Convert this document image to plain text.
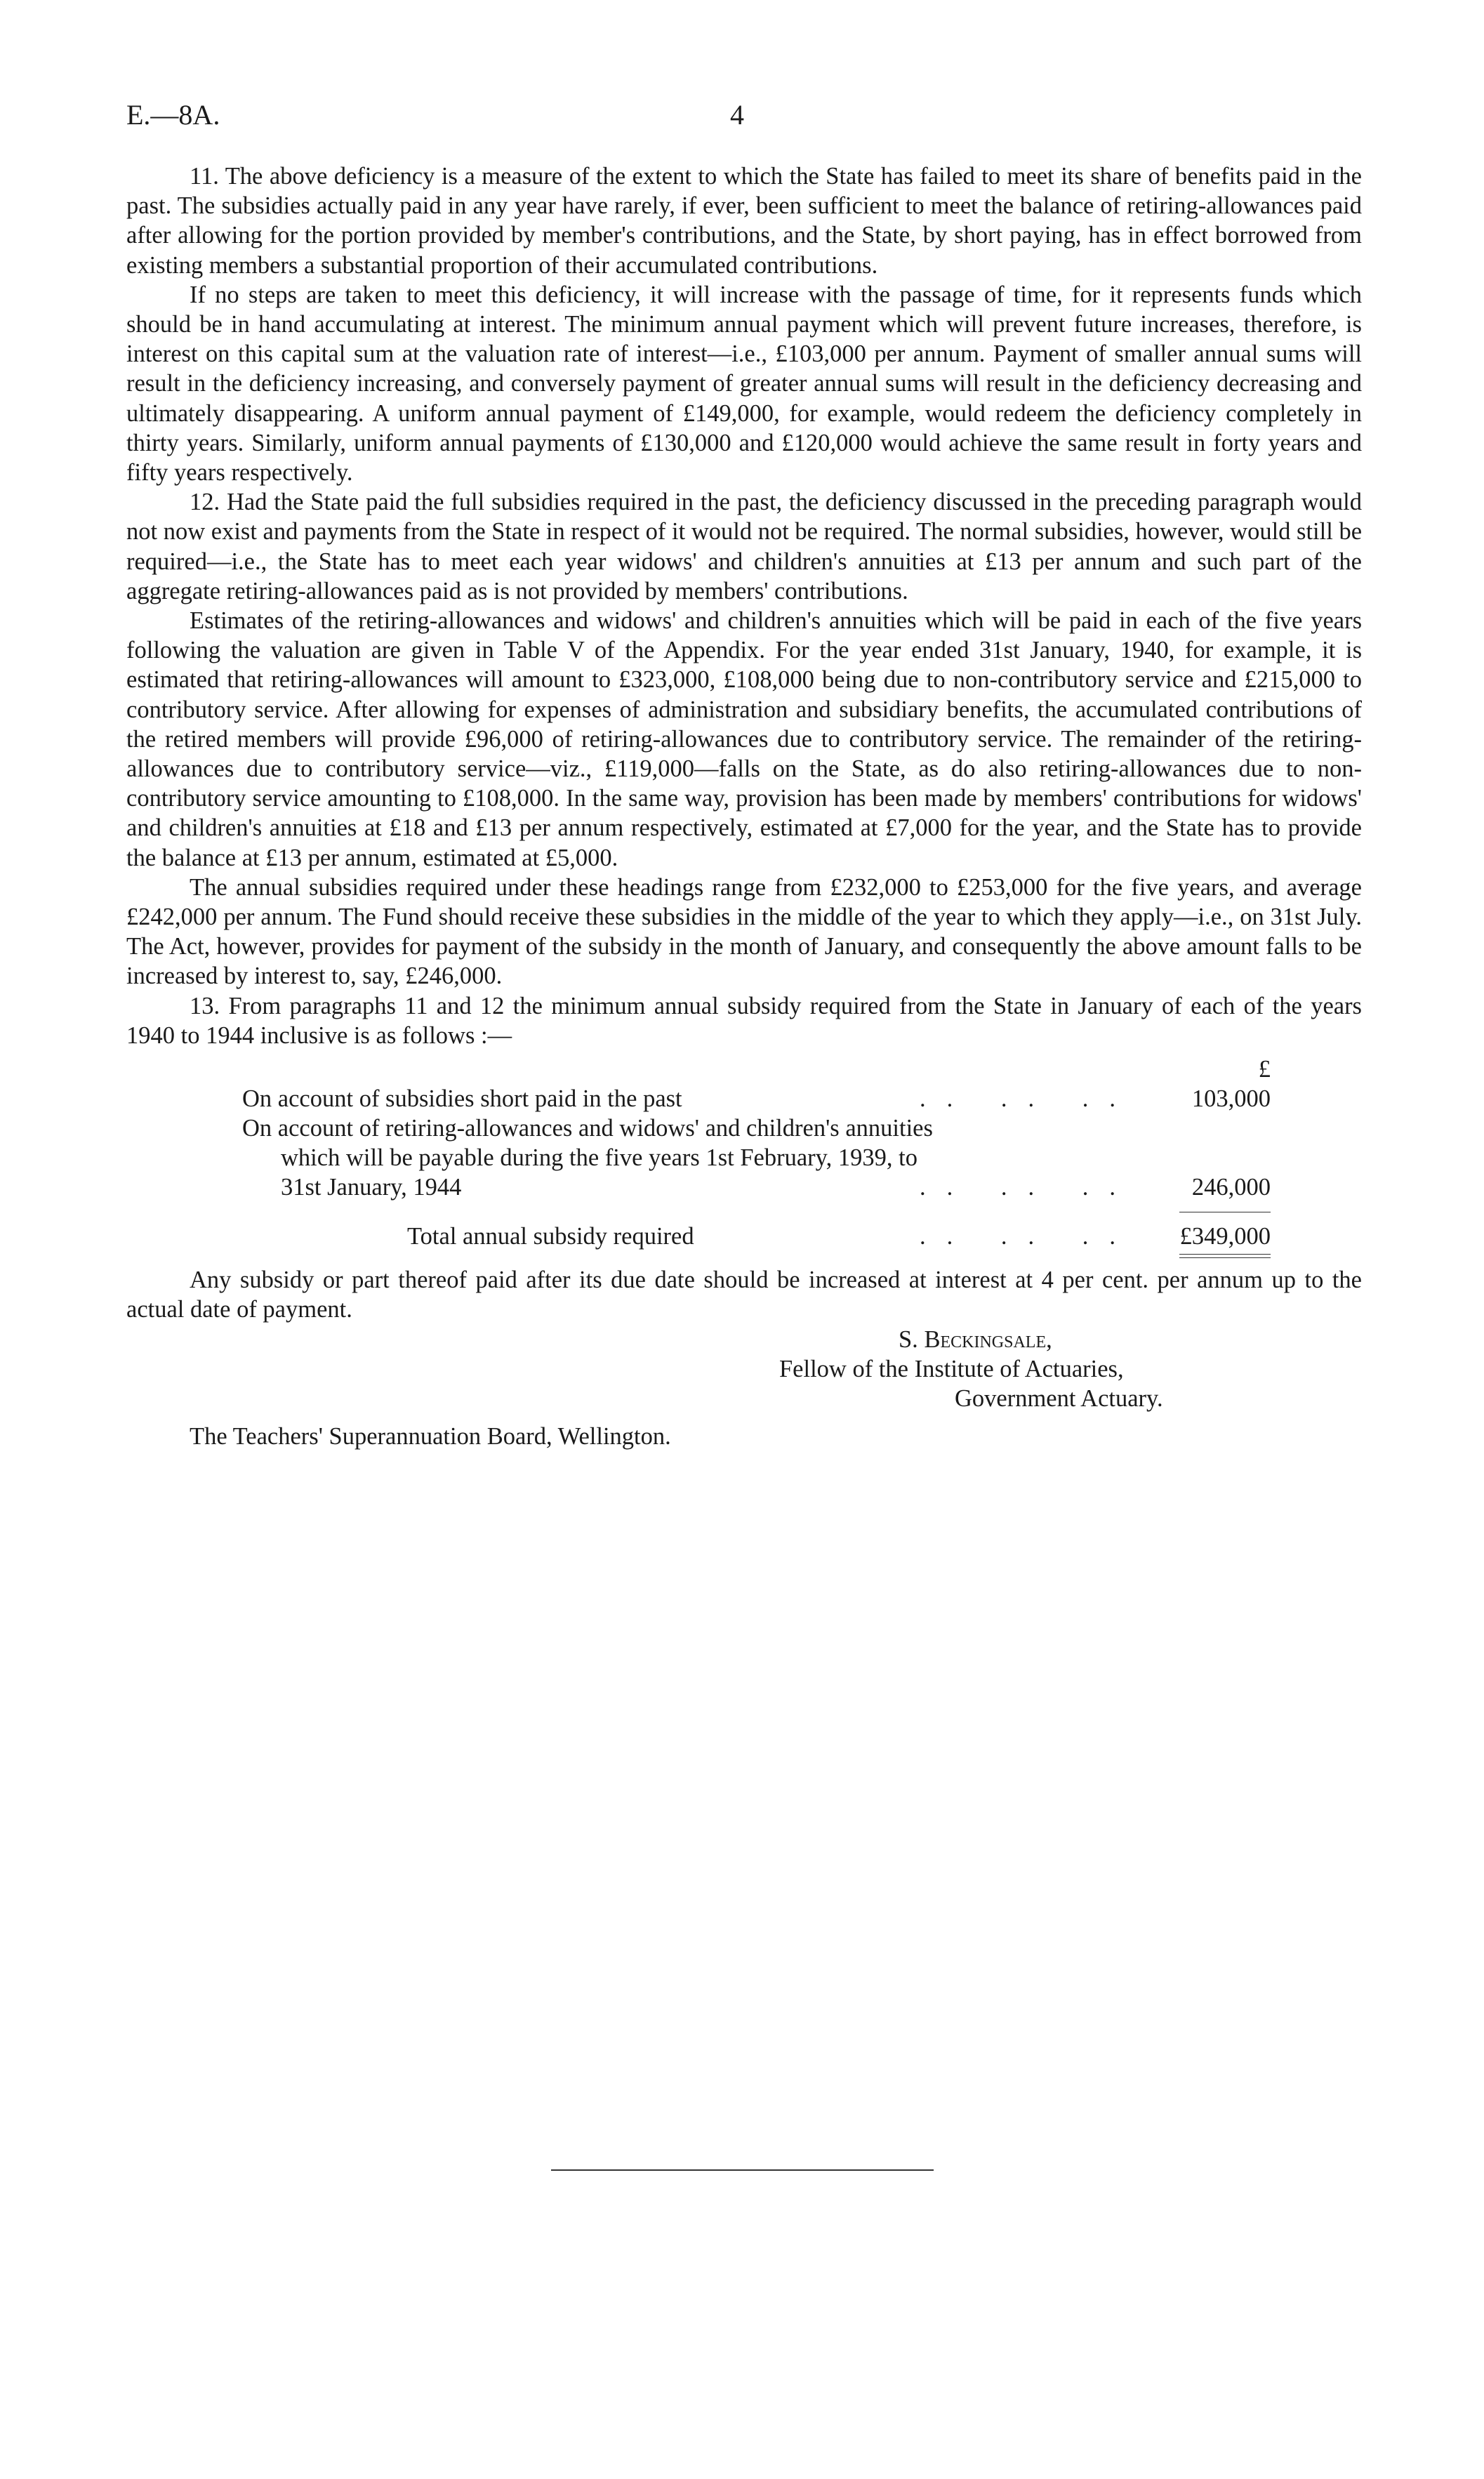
E.—8A.	4

11. The above deficiency is a measure of the extent to which the State has failed to meet its share of benefits paid in the past. The subsidies actually paid in any year have rarely, if ever, been sufficient to meet the balance of retiring-allowances paid after allowing for the portion provided by member's contributions, and the State, by short paying, has in effect borrowed from existing members a substantial proportion of their accumulated contributions.

If no steps are taken to meet this deficiency, it will increase with the passage of time, for it represents funds which should be in hand accumulating at interest. The minimum annual payment which will prevent future increases, therefore, is interest on this capital sum at the valuation rate of interest—i.e., £103,000 per annum. Payment of smaller annual sums will result in the deficiency increasing, and conversely payment of greater annual sums will result in the deficiency decreasing and ultimately disappearing. A uniform annual payment of £149,000, for example, would redeem the deficiency completely in thirty years. Similarly, uniform annual payments of £130,000 and £120,000 would achieve the same result in forty years and fifty years respectively.

12. Had the State paid the full subsidies required in the past, the deficiency discussed in the preceding paragraph would not now exist and payments from the State in respect of it would not be required. The normal subsidies, however, would still be required—i.e., the State has to meet each year widows' and children's annuities at £13 per annum and such part of the aggregate retiring-allowances paid as is not provided by members' contributions.

Estimates of the retiring-allowances and widows' and children's annuities which will be paid in each of the five years following the valuation are given in Table V of the Appendix. For the year ended 31st January, 1940, for example, it is estimated that retiring-allowances will amount to £323,000, £108,000 being due to non-contributory service and £215,000 to contributory service. After allowing for expenses of administration and subsidiary benefits, the accumulated contributions of the retired members will provide £96,000 of retiring-allowances due to contributory service. The remainder of the retiring-allowances due to contributory service—viz., £119,000—falls on the State, as do also retiring-allowances due to non-contributory service amounting to £108,000. In the same way, provision has been made by members' contributions for widows' and children's annuities at £18 and £13 per annum respectively, estimated at £7,000 for the year, and the State has to provide the balance at £13 per annum, estimated at £5,000.

The annual subsidies required under these headings range from £232,000 to £253,000 for the five years, and average £242,000 per annum. The Fund should receive these subsidies in the middle of the year to which they apply—i.e., on 31st July. The Act, however, provides for payment of the subsidy in the month of January, and consequently the above amount falls to be increased by interest to, say, £246,000.

13. From paragraphs 11 and 12 the minimum annual subsidy required from the State in January of each of the years 1940 to 1944 inclusive is as follows :—

£
On account of subsidies short paid in the past	.. .. ..	103,000
On account of retiring-allowances and widows' and children's annuities
which will be payable during the five years 1st February, 1939, to
31st January, 1944	.. .. ..	246,000
Total annual subsidy required	.. .. ..	£349,000

Any subsidy or part thereof paid after its due date should be increased at interest at 4 per cent. per annum up to the actual date of payment.

S. Beckingsale,
Fellow of the Institute of Actuaries,
Government Actuary.
The Teachers' Superannuation Board, Wellington.
